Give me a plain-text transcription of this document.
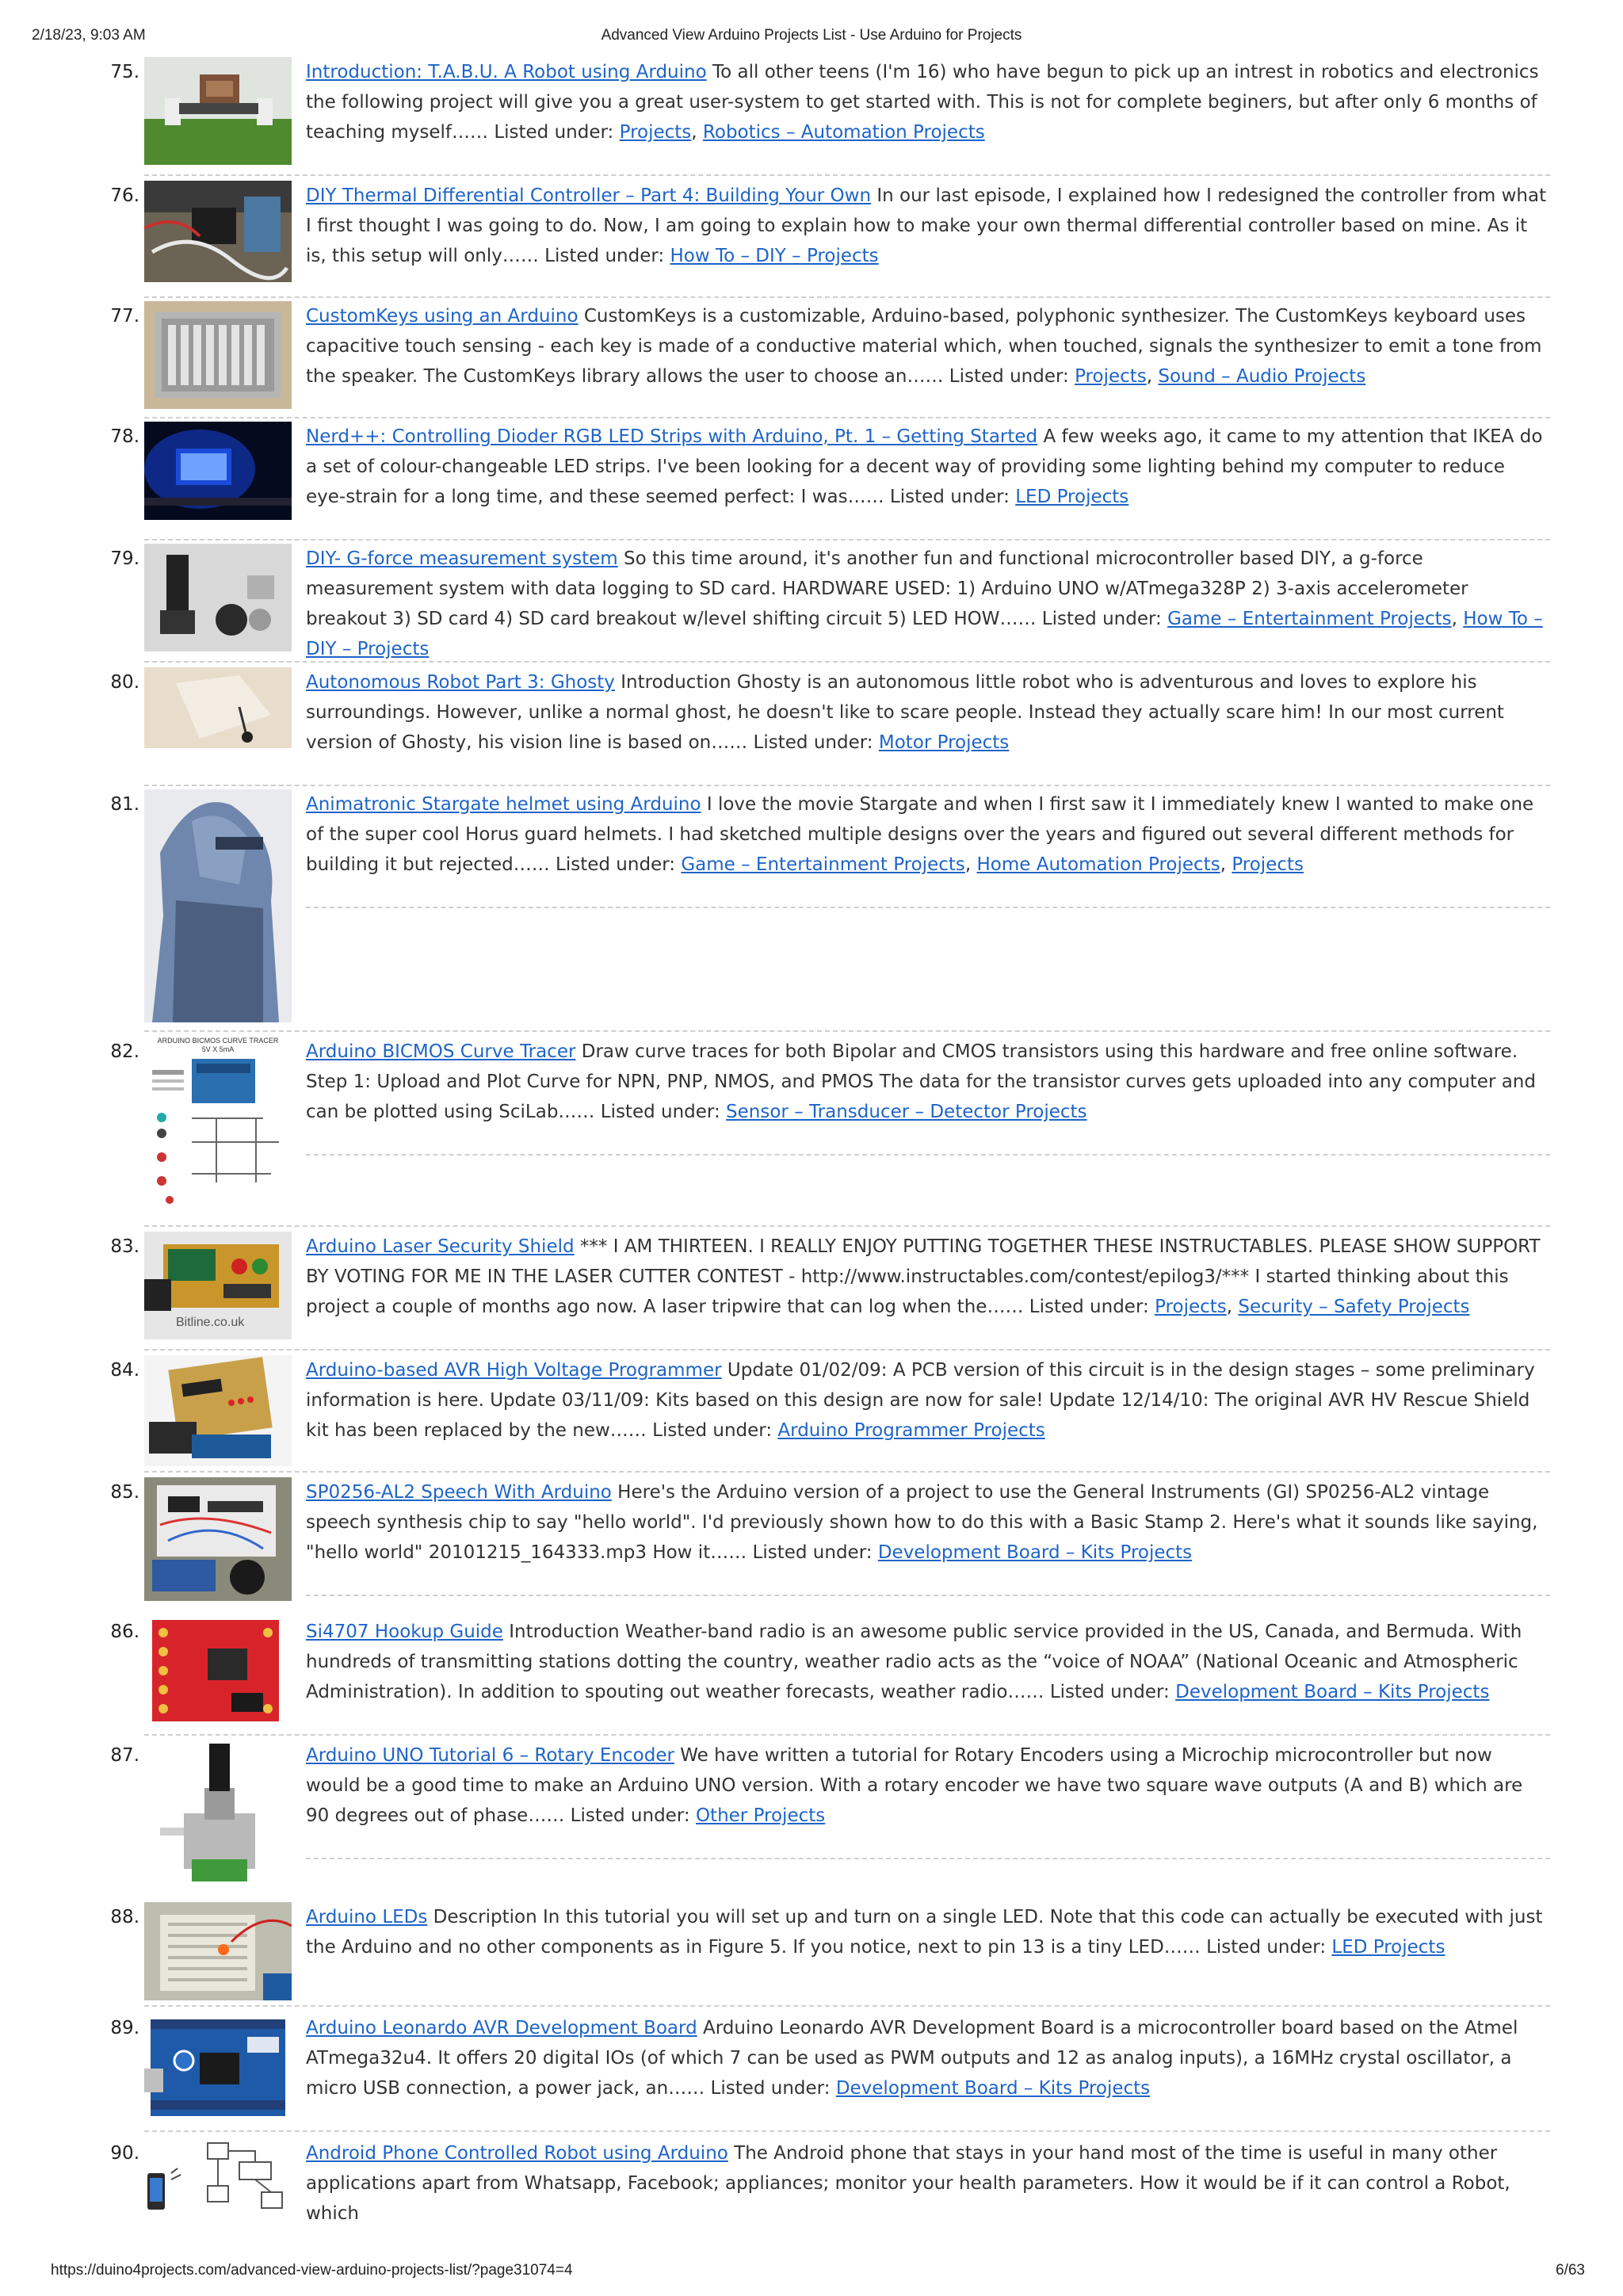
2/18/23, 9:03 AM	Advanced View Arduino Projects List - Use Arduino for Projects
75.	Introduction: T.A.B.U. A Robot using Arduino To all other teens (I'm 16) who have begun to pick up an intrest in robotics and electronics the following project will give you a great user-system to get started with. This is not for complete beginers, but after only 6 months of teaching myself…… Listed under: Projects, Robotics – Automation Projects
76.	DIY Thermal Differential Controller – Part 4: Building Your Own In our last episode, I explained how I redesigned the controller from what I first thought I was going to do. Now, I am going to explain how to make your own thermal differential controller based on mine. As it is, this setup will only…… Listed under: How To – DIY – Projects
77.	CustomKeys using an Arduino CustomKeys is a customizable, Arduino-based, polyphonic synthesizer. The CustomKeys keyboard uses capacitive touch sensing - each key is made of a conductive material which, when touched, signals the synthesizer to emit a tone from the speaker. The CustomKeys library allows the user to choose an…… Listed under: Projects, Sound – Audio Projects
78.	Nerd++: Controlling Dioder RGB LED Strips with Arduino, Pt. 1 – Getting Started A few weeks ago, it came to my attention that IKEA do a set of colour-changeable LED strips. I've been looking for a decent way of providing some lighting behind my computer to reduce eye-strain for a long time, and these seemed perfect: I was…… Listed under: LED Projects
79.	DIY- G-force measurement system So this time around, it's another fun and functional microcontroller based DIY, a g-force measurement system with data logging to SD card. HARDWARE USED: 1) Arduino UNO w/ATmega328P 2) 3-axis accelerometer breakout 3) SD card 4) SD card breakout w/level shifting circuit 5) LED HOW…… Listed under: Game – Entertainment Projects, How To – DIY – Projects
80.	Autonomous Robot Part 3: Ghosty Introduction Ghosty is an autonomous little robot who is adventurous and loves to explore his surroundings. However, unlike a normal ghost, he doesn't like to scare people. Instead they actually scare him! In our most current version of Ghosty, his vision line is based on…… Listed under: Motor Projects
81.	Animatronic Stargate helmet using Arduino I love the movie Stargate and when I first saw it I immediately knew I wanted to make one of the super cool Horus guard helmets. I had sketched multiple designs over the years and figured out several different methods for building it but rejected…… Listed under: Game – Entertainment Projects, Home Automation Projects, Projects
82.
ARDUINO BICMOS CURVE TRACER
5V X 5mA	Arduino BICMOS Curve Tracer Draw curve traces for both Bipolar and CMOS transistors using this hardware and free online software. Step 1: Upload and Plot Curve for NPN, PNP, NMOS, and PMOS The data for the transistor curves gets uploaded into any computer and can be plotted using SciLab…… Listed under: Sensor – Transducer – Detector Projects
83.
Bitline.co.uk
Arduino Laser Security Shield *** I AM THIRTEEN. I REALLY ENJOY PUTTING TOGETHER THESE INSTRUCTABLES. PLEASE SHOW SUPPORT BY VOTING FOR ME IN THE LASER CUTTER CONTEST - http://www.instructables.com/contest/epilog3/*** I started thinking about this project a couple of months ago now. A laser tripwire that can log when the…… Listed under: Projects, Security – Safety Projects
84.	Arduino-based AVR High Voltage Programmer Update 01/02/09: A PCB version of this circuit is in the design stages – some preliminary information is here. Update 03/11/09: Kits based on this design are now for sale! Update 12/14/10: The original AVR HV Rescue Shield kit has been replaced by the new…… Listed under: Arduino Programmer Projects
85.	SP0256-AL2 Speech With Arduino Here's the Arduino version of a project to use the General Instruments (GI) SP0256-AL2 vintage speech synthesis chip to say "hello world". I'd previously shown how to do this with a Basic Stamp 2. Here's what it sounds like saying, "hello world" 20101215_164333.mp3 How it…… Listed under: Development Board – Kits Projects
86.	Si4707 Hookup Guide Introduction Weather-band radio is an awesome public service provided in the US, Canada, and Bermuda. With hundreds of transmitting stations dotting the country, weather radio acts as the “voice of NOAA” (National Oceanic and Atmospheric Administration). In addition to spouting out weather forecasts, weather radio…… Listed under: Development Board – Kits Projects
87.	Arduino UNO Tutorial 6 – Rotary Encoder We have written a tutorial for Rotary Encoders using a Microchip microcontroller but now would be a good time to make an Arduino UNO version. With a rotary encoder we have two square wave outputs (A and B) which are 90 degrees out of phase…… Listed under: Other Projects
88.	Arduino LEDs Description In this tutorial you will set up and turn on a single LED. Note that this code can actually be executed with just the Arduino and no other components as in Figure 5. If you notice, next to pin 13 is a tiny LED…… Listed under: LED Projects
89.	Arduino Leonardo AVR Development Board Arduino Leonardo AVR Development Board is a microcontroller board based on the Atmel ATmega32u4. It offers 20 digital IOs (of which 7 can be used as PWM outputs and 12 as analog inputs), a 16MHz crystal oscillator, a micro USB connection, a power jack, an…… Listed under: Development Board – Kits Projects
90.	Android Phone Controlled Robot using Arduino The Android phone that stays in your hand most of the time is useful in many other applications apart from Whatsapp, Facebook; appliances; monitor your health parameters. How it would be if it can control a Robot, which
https://duino4projects.com/advanced-view-arduino-projects-list/?page31074=4	6/63
